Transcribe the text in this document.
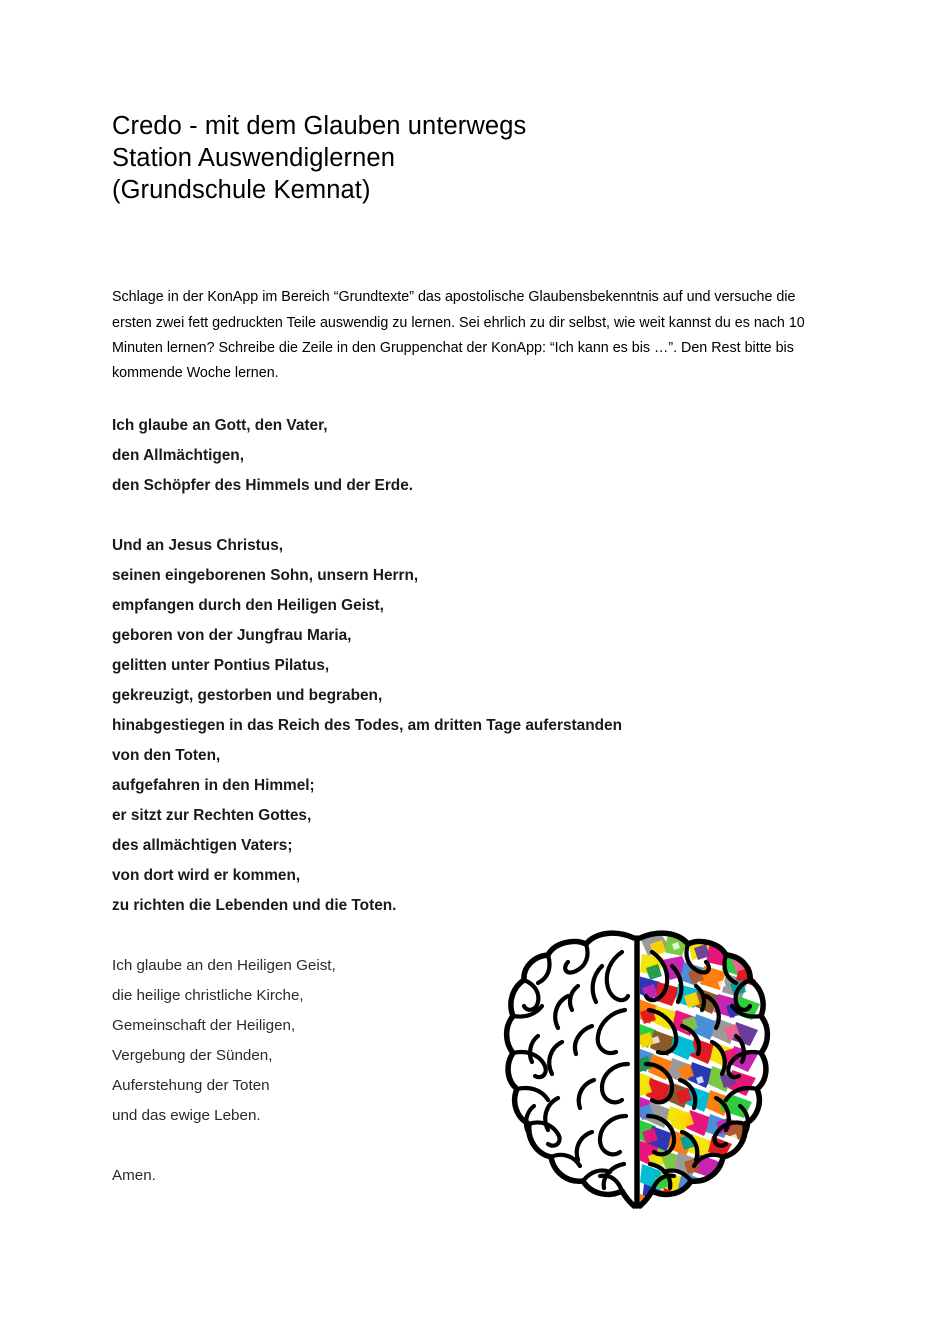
Credo - mit dem Glauben unterwegs
Station Auswendiglernen
(Grundschule Kemnat)

Schlage in der KonApp im Bereich “Grundtexte” das apostolische Glaubensbekenntnis auf und versuche die ersten zwei fett gedruckten Teile auswendig zu lernen. Sei ehrlich zu dir selbst, wie weit kannst du es nach 10 Minuten lernen? Schreibe die Zeile in den Gruppenchat der KonApp: “Ich kann es bis …”. Den Rest bitte bis kommende Woche lernen.

Ich glaube an Gott, den Vater,
den Allmächtigen,
den Schöpfer des Himmels und der Erde.
Und an Jesus Christus,
seinen eingeborenen Sohn, unsern Herrn,
empfangen durch den Heiligen Geist,
geboren von der Jungfrau Maria,
gelitten unter Pontius Pilatus,
gekreuzigt, gestorben und begraben,
hinabgestiegen in das Reich des Todes, am dritten Tage auferstanden
von den Toten,
aufgefahren in den Himmel;
er sitzt zur Rechten Gottes,
des allmächtigen Vaters;
von dort wird er kommen,
zu richten die Lebenden und die Toten.
Ich glaube an den Heiligen Geist,
die heilige christliche Kirche,
Gemeinschaft der Heiligen,
Vergebung der Sünden,
Auferstehung der Toten
und das ewige Leben.
Amen.
